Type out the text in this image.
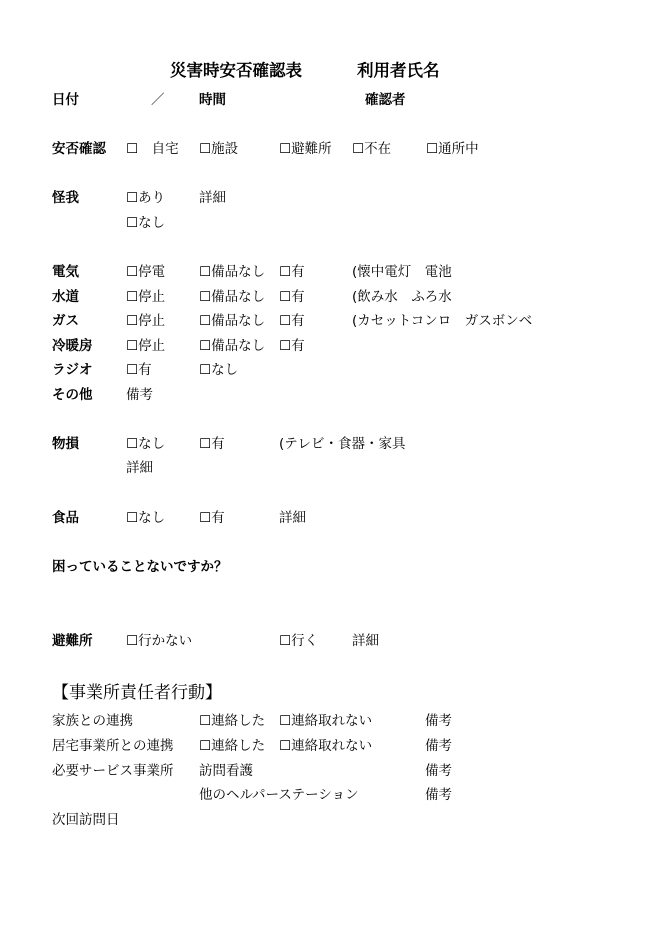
災害時安否確認表	利用者氏名
日付	／	時間	確認者
安否確認 ☐　自宅 ☐施設	☐避難所 ☐不在	☐通所中
怪我	☐あり	詳細
☐なし
電気	☐停電	☐備品なし ☐有	(懐中電灯　電池
水道	☐停止	☐備品なし ☐有	(飲み水　ふろ水
ガス	☐停止	☐備品なし ☐有	(カセットコンロ　ガスボンベ
冷暖房 ☐停止	☐備品なし ☐有
ラジオ ☐有	☐なし
その他 備考
物損	☐なし	☐有	(テレビ・食器・家具
詳細
食品	☐なし	☐有	詳細
困っていることないですか？
避難所 ☐行かない	☐行く	詳細
【事業所責任者行動】
家族との連携	☐連絡した ☐連絡取れない	備考
居宅事業所との連携 ☐連絡した ☐連絡取れない	備考
必要サービス事業所 訪問看護	備考
他のヘルパーステーション	備考
次回訪問日
